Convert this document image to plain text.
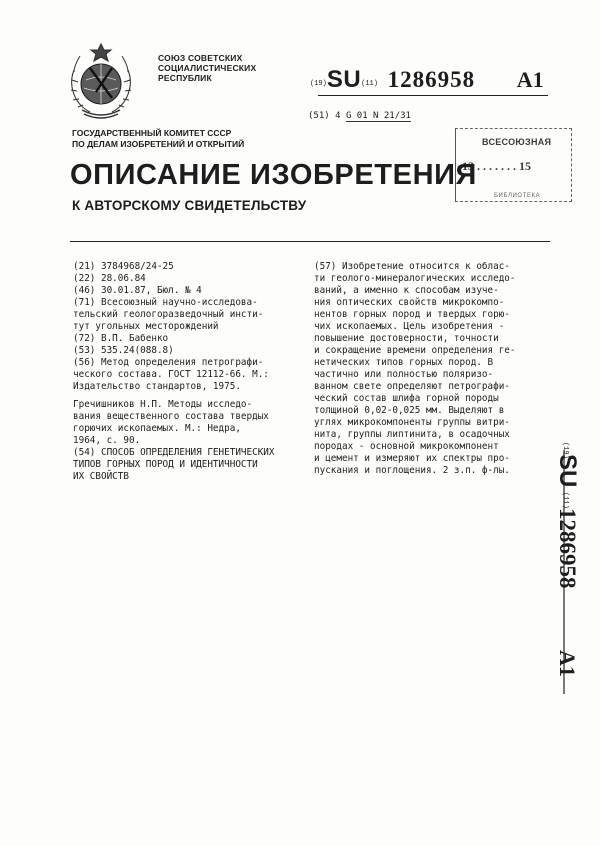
СОЮЗ СОВЕТСКИХ
СОЦИАЛИСТИЧЕСКИХ
РЕСПУБЛИК
(19)SU(11) 1286958 A1
(51) 4 G 01 N 21/31
ГОСУДАРСТВЕННЫЙ КОМИТЕТ СССР
ПО ДЕЛАМ ИЗОБРЕТЕНИЙ И ОТКРЫТИЙ	ВСЕСОЮЗНАЯ
13 . . . . . . . 15
БИБЛИОТЕКА
ОПИСАНИЕ ИЗОБРЕТЕНИЯ
К АВТОРСКОМУ СВИДЕТЕЛЬСТВУ
(21) 3784968/24-25
(22) 28.06.84
(46) 30.01.87, Бюл. № 4
(71) Всесоюзный научно-исследова-
тельский геологоразведочный инсти-
тут угольных месторождений
(72) В.П. Бабенко
(53) 535.24(088.8)
(56) Метод определения петрографи-
ческого состава. ГОСТ 12112-66. М.:
Издательство стандартов, 1975.
Гречишников Н.П. Методы исследо-
вания вещественного состава твердых
горючих ископаемых. М.: Недра,
1964, с. 90.
(54) СПОСОБ ОПРЕДЕЛЕНИЯ ГЕНЕТИЧЕСКИХ
ТИПОВ ГОРНЫХ ПОРОД И ИДЕНТИЧНОСТИ
ИХ СВОЙСТВ
(57) Изобретение относится к облас-
ти геолого-минералогических исследо-
ваний, а именно к способам изуче-
ния оптических свойств микрокомпо-
нентов горных пород и твердых горю-
чих ископаемых. Цель изобретения -
повышение достоверности, точности
и сокращение времени определения ге-
нетических типов горных пород. В
частично или полностью поляризо-
ванном свете определяют петрографи-
ческий состав шлифа горной породы
толщиной 0,02-0,025 мм. Выделяют в
углях микрокомпоненты группы витри-
нита, группы липтинита, в осадочных
породах - основной микрокомпонент
и цемент и измеряют их спектры про-
пускания и поглощения. 2 з.п. ф-лы.
(19)
SU
(11)
1286958
A1
